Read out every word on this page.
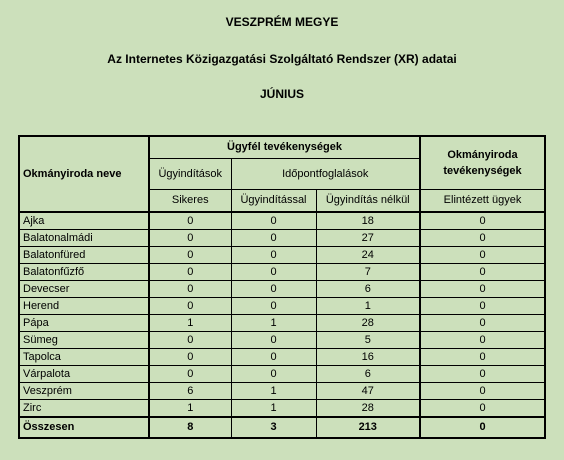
VESZPRÉM MEGYE
Az Internetes Közigazgatási Szolgáltató Rendszer (XR) adatai
JÚNIUS
Okmányiroda neve	Ügyfél tevékenységek			Okmányiroda tevékenységek
	Ügyindítások	Időpontfoglalások		
	Sikeres	Ügyindítással	Ügyindítás nélkül	Elintézett ügyek
Ajka	0	0	18	0
Balatonalmádi	0	0	27	0
Balatonfüred	0	0	24	0
Balatonfűzfő	0	0	7	0
Devecser	0	0	6	0
Herend	0	0	1	0
Pápa	1	1	28	0
Sümeg	0	0	5	0
Tapolca	0	0	16	0
Várpalota	0	0	6	0
Veszprém	6	1	47	0
Zirc	1	1	28	0
Összesen	8	3	213	0
